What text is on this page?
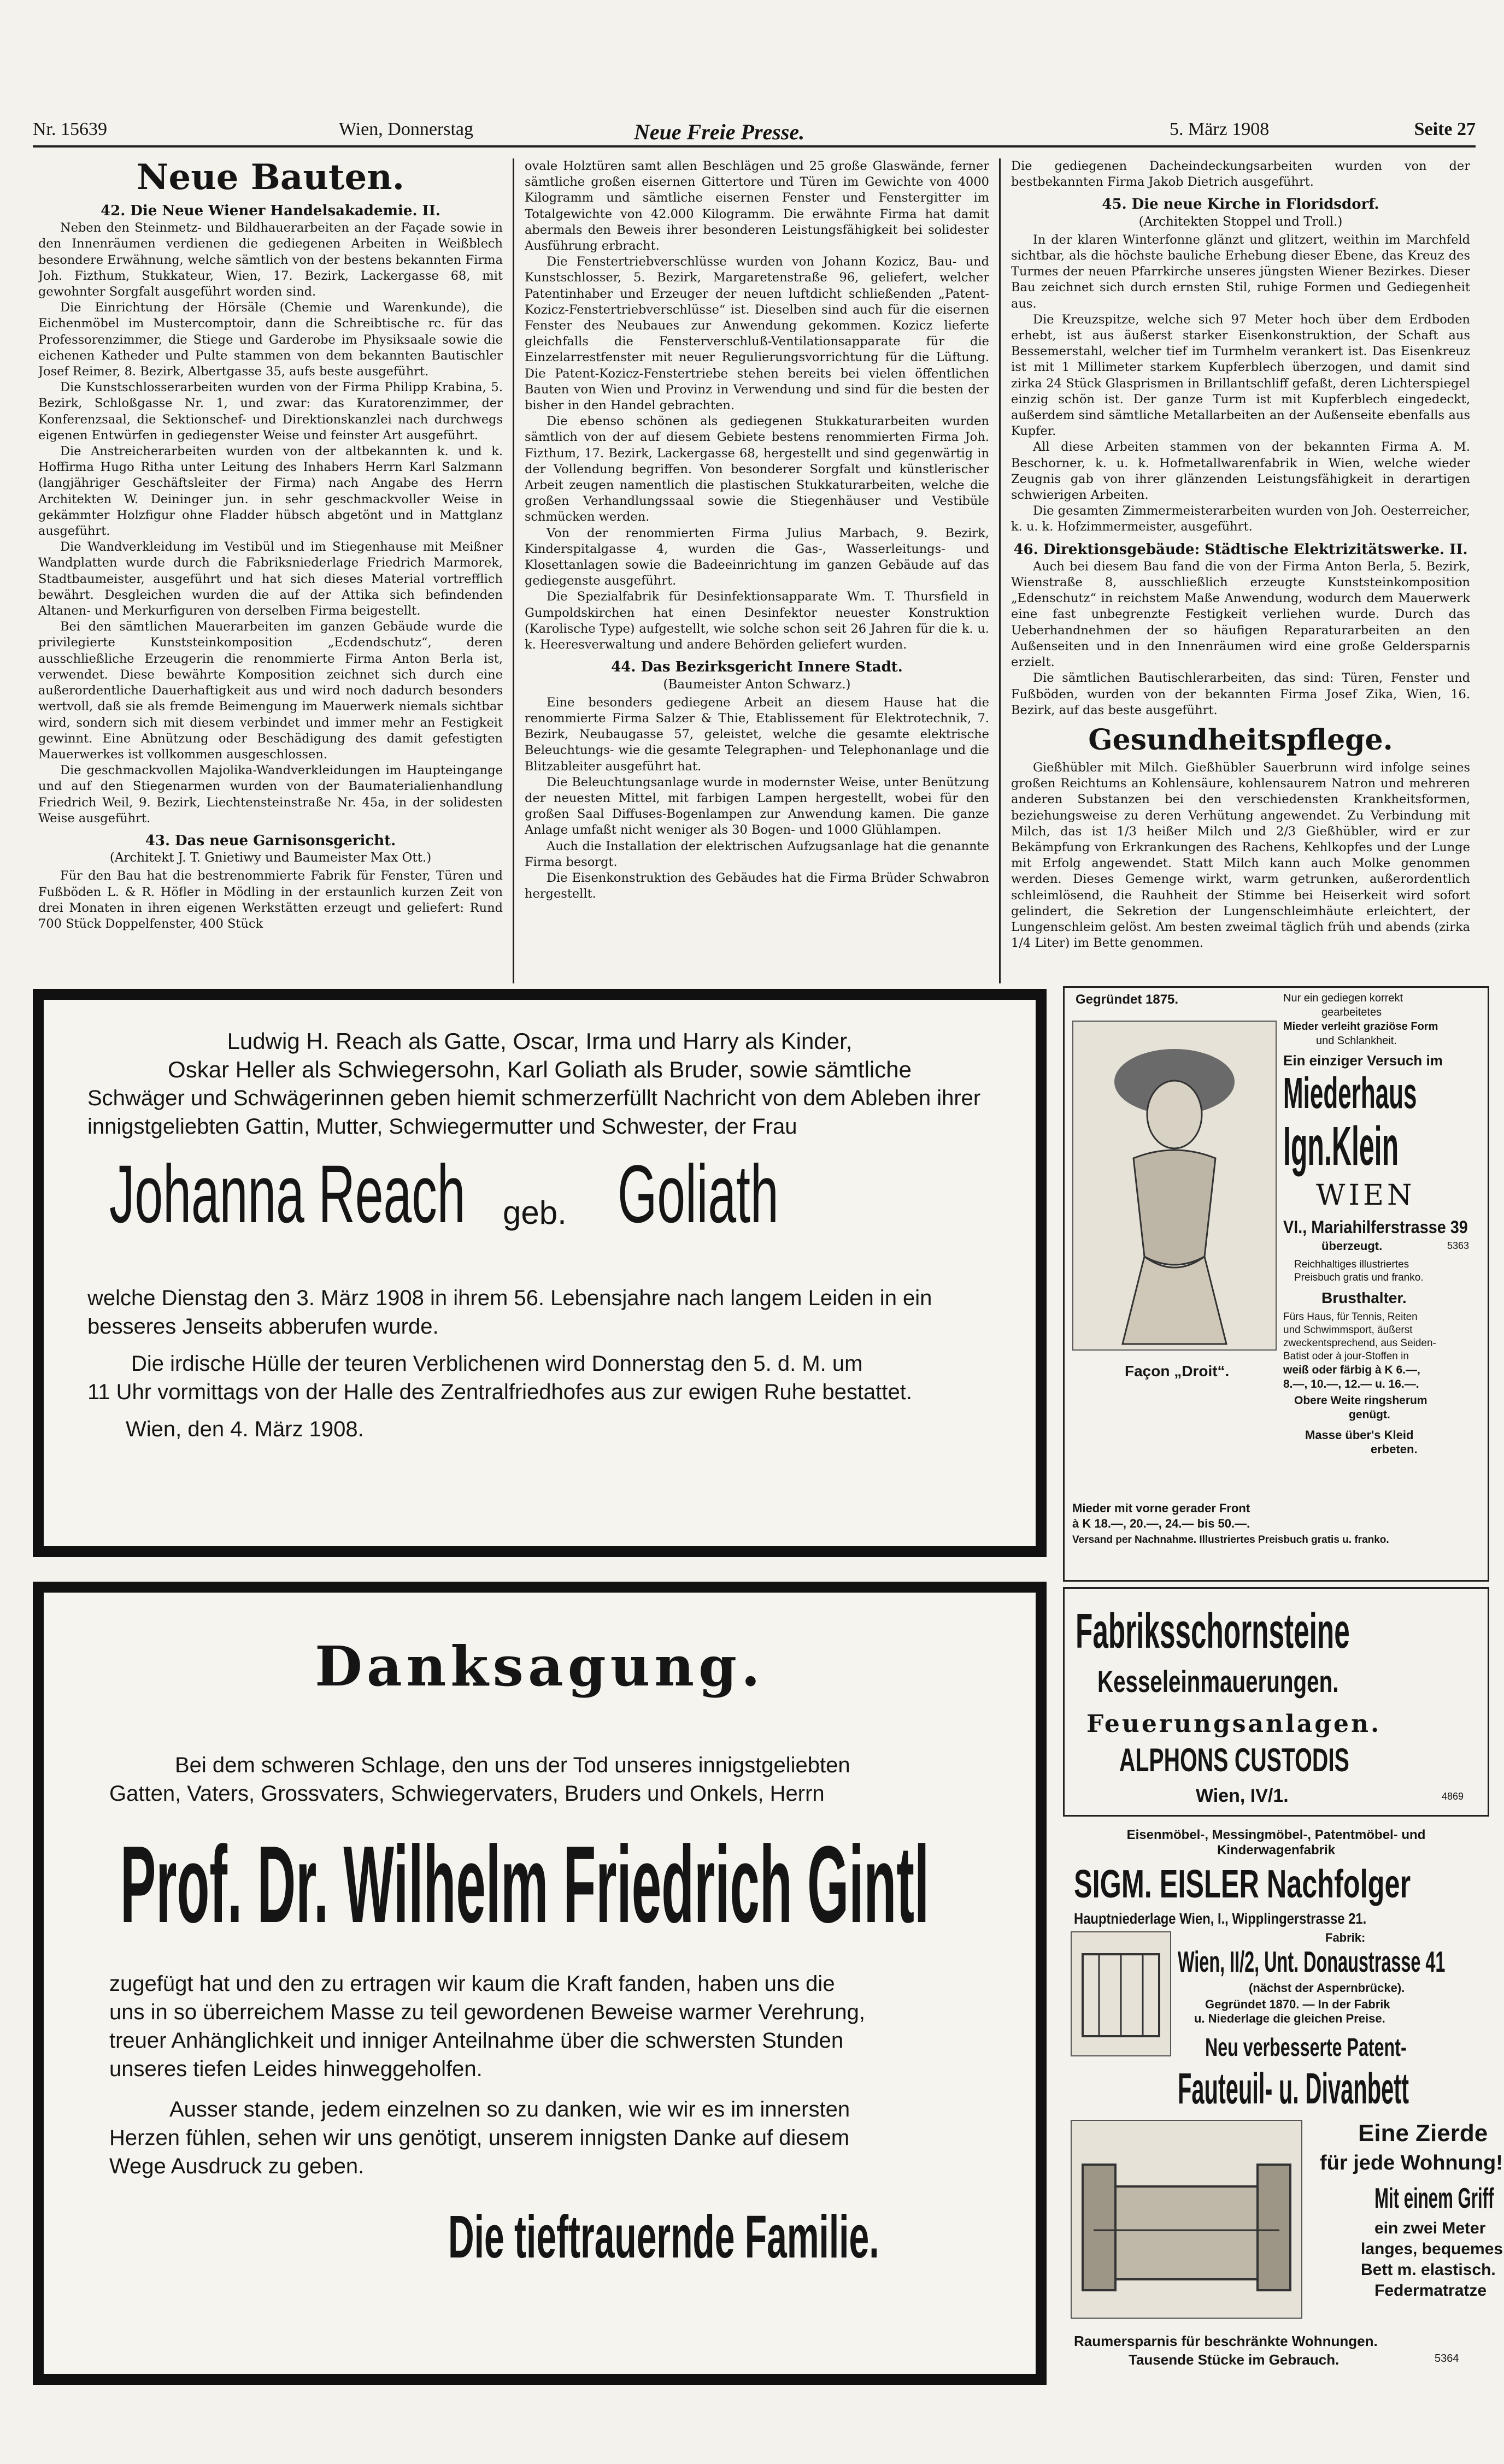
Nr. 15639	Wien, Donnerstag	Neue Freie Presse.	5. März 1908	Seite 27

Neue Bauten.

42. Die Neue Wiener Handelsakademie. II.

Neben den Steinmetz- und Bildhauerarbeiten an der Façade sowie in den Innenräumen verdienen die gediegenen Arbeiten in Weißblech besondere Erwähnung, welche sämtlich von der bestens bekannten Firma Joh. Fizthum, Stukkateur, Wien, 17. Bezirk, Lackergasse 68, mit gewohnter Sorgfalt ausgeführt worden sind.

Die Einrichtung der Hörsäle (Chemie und Warenkunde), die Eichenmöbel im Mustercomptoir, dann die Schreibtische rc. für das Professorenzimmer, die Stiege und Garderobe im Physiksaale sowie die eichenen Katheder und Pulte stammen von dem bekannten Bautischler Josef Reimer, 8. Bezirk, Albertgasse 35, aufs beste ausgeführt.

Die Kunstschlosserarbeiten wurden von der Firma Philipp Krabina, 5. Bezirk, Schloßgasse Nr. 1, und zwar: das Kuratorenzimmer, der Konferenzsaal, die Sektionschef- und Direktionskanzlei nach durchwegs eigenen Entwürfen in gediegenster Weise und feinster Art ausgeführt.

Die Anstreicherarbeiten wurden von der altbekannten k. und k. Hoffirma Hugo Ritha unter Leitung des Inhabers Herrn Karl Salzmann (langjähriger Geschäftsleiter der Firma) nach Angabe des Herrn Architekten W. Deininger jun. in sehr geschmackvoller Weise in gekämmter Holzfigur ohne Fladder hübsch abgetönt und in Mattglanz ausgeführt.

Die Wandverkleidung im Vestibül und im Stiegenhause mit Meißner Wandplatten wurde durch die Fabriksniederlage Friedrich Marmorek, Stadtbaumeister, ausgeführt und hat sich dieses Material vortrefflich bewährt. Desgleichen wurden die auf der Attika sich befindenden Altanen- und Merkurfiguren von derselben Firma beigestellt.

Bei den sämtlichen Mauerarbeiten im ganzen Gebäude wurde die privilegierte Kunststeinkomposition „Ecdendschutz“, deren ausschließliche Erzeugerin die renommierte Firma Anton Berla ist, verwendet. Diese bewährte Komposition zeichnet sich durch eine außerordentliche Dauerhaftigkeit aus und wird noch dadurch besonders wertvoll, daß sie als fremde Beimengung im Mauerwerk niemals sichtbar wird, sondern sich mit diesem verbindet und immer mehr an Festigkeit gewinnt. Eine Abnützung oder Beschädigung des damit gefestigten Mauerwerkes ist vollkommen ausgeschlossen.

Die geschmackvollen Majolika-Wandverkleidungen im Haupteingange und auf den Stiegenarmen wurden von der Baumaterialienhandlung Friedrich Weil, 9. Bezirk, Liechtensteinstraße Nr. 45a, in der solidesten Weise ausgeführt.

43. Das neue Garnisonsgericht.

(Architekt J. T. Gnietiwy und Baumeister Max Ott.)

Für den Bau hat die bestrenommierte Fabrik für Fenster, Türen und Fußböden L. & R. Höfler in Mödling in der erstaunlich kurzen Zeit von drei Monaten in ihren eigenen Werkstätten erzeugt und geliefert: Rund 700 Stück Doppelfenster, 400 Stück

ovale Holztüren samt allen Beschlägen und 25 große Glaswände, ferner sämtliche großen eisernen Gittertore und Türen im Gewichte von 4000 Kilogramm und sämtliche eisernen Fenster und Fenstergitter im Totalgewichte von 42.000 Kilogramm. Die erwähnte Firma hat damit abermals den Beweis ihrer besonderen Leistungsfähigkeit bei solidester Ausführung erbracht.

Die Fenstertriebverschlüsse wurden von Johann Kozicz, Bau- und Kunstschlosser, 5. Bezirk, Margaretenstraße 96, geliefert, welcher Patentinhaber und Erzeuger der neuen luftdicht schließenden „Patent-Kozicz-Fenstertriebverschlüsse“ ist. Dieselben sind auch für die eisernen Fenster des Neubaues zur Anwendung gekommen. Kozicz lieferte gleichfalls die Fensterverschluß-Ventilationsapparate für die Einzelarrestfenster mit neuer Regulierungsvorrichtung für die Lüftung. Die Patent-Kozicz-Fenstertriebe stehen bereits bei vielen öffentlichen Bauten von Wien und Provinz in Verwendung und sind für die besten der bisher in den Handel gebrachten.

Die ebenso schönen als gediegenen Stukkaturarbeiten wurden sämtlich von der auf diesem Gebiete bestens renommierten Firma Joh. Fizthum, 17. Bezirk, Lackergasse 68, hergestellt und sind gegenwärtig in der Vollendung begriffen. Von besonderer Sorgfalt und künstlerischer Arbeit zeugen namentlich die plastischen Stukkaturarbeiten, welche die großen Verhandlungssaal sowie die Stiegenhäuser und Vestibüle schmücken werden.

Von der renommierten Firma Julius Marbach, 9. Bezirk, Kinderspitalgasse 4, wurden die Gas-, Wasserleitungs- und Klosettanlagen sowie die Badeeinrichtung im ganzen Gebäude auf das gediegenste ausgeführt.

Die Spezialfabrik für Desinfektionsapparate Wm. T. Thursfield in Gumpoldskirchen hat einen Desinfektor neuester Konstruktion (Karolische Type) aufgestellt, wie solche schon seit 26 Jahren für die k. u. k. Heeresverwaltung und andere Behörden geliefert wurden.

44. Das Bezirksgericht Innere Stadt.

(Baumeister Anton Schwarz.)

Eine besonders gediegene Arbeit an diesem Hause hat die renommierte Firma Salzer & Thie, Etablissement für Elektrotechnik, 7. Bezirk, Neubaugasse 57, geleistet, welche die gesamte elektrische Beleuchtungs- wie die gesamte Telegraphen- und Telephonanlage und die Blitzableiter ausgeführt hat.

Die Beleuchtungsanlage wurde in modernster Weise, unter Benützung der neuesten Mittel, mit farbigen Lampen hergestellt, wobei für den großen Saal Diffuses-Bogenlampen zur Anwendung kamen. Die ganze Anlage umfaßt nicht weniger als 30 Bogen- und 1000 Glühlampen.

Auch die Installation der elektrischen Aufzugsanlage hat die genannte Firma besorgt.

Die Eisenkonstruktion des Gebäudes hat die Firma Brüder Schwabron hergestellt.

Die gediegenen Dacheindeckungsarbeiten wurden von der bestbekannten Firma Jakob Dietrich ausgeführt.

45. Die neue Kirche in Floridsdorf.

(Architekten Stoppel und Troll.)

In der klaren Winterfonne glänzt und glitzert, weithin im Marchfeld sichtbar, als die höchste bauliche Erhebung dieser Ebene, das Kreuz des Turmes der neuen Pfarrkirche unseres jüngsten Wiener Bezirkes. Dieser Bau zeichnet sich durch ernsten Stil, ruhige Formen und Gediegenheit aus.

Die Kreuzspitze, welche sich 97 Meter hoch über dem Erdboden erhebt, ist aus äußerst starker Eisenkonstruktion, der Schaft aus Bessemerstahl, welcher tief im Turmhelm verankert ist. Das Eisenkreuz ist mit 1 Millimeter starkem Kupferblech überzogen, und damit sind zirka 24 Stück Glasprismen in Brillantschliff gefaßt, deren Lichterspiegel einzig schön ist. Der ganze Turm ist mit Kupferblech eingedeckt, außerdem sind sämtliche Metallarbeiten an der Außenseite ebenfalls aus Kupfer.

All diese Arbeiten stammen von der bekannten Firma A. M. Beschorner, k. u. k. Hofmetallwarenfabrik in Wien, welche wieder Zeugnis gab von ihrer glänzenden Leistungsfähigkeit in derartigen schwierigen Arbeiten.

Die gesamten Zimmermeisterarbeiten wurden von Joh. Oesterreicher, k. u. k. Hofzimmermeister, ausgeführt.

46. Direktionsgebäude: Städtische Elektrizitätswerke. II.

Auch bei diesem Bau fand die von der Firma Anton Berla, 5. Bezirk, Wienstraße 8, ausschließlich erzeugte Kunststeinkomposition „Edenschutz“ in reichstem Maße Anwendung, wodurch dem Mauerwerk eine fast unbegrenzte Festigkeit verliehen wurde. Durch das Ueberhandnehmen der so häufigen Reparaturarbeiten an den Außenseiten und in den Innenräumen wird eine große Geldersparnis erzielt.

Die sämtlichen Bautischlerarbeiten, das sind: Türen, Fenster und Fußböden, wurden von der bekannten Firma Josef Zika, Wien, 16. Bezirk, auf das beste ausgeführt.

Gesundheitspflege.

Gießhübler mit Milch. Gießhübler Sauerbrunn wird infolge seines großen Reichtums an Kohlensäure, kohlensaurem Natron und mehreren anderen Substanzen bei den verschiedensten Krankheitsformen, beziehungsweise zu deren Verhütung angewendet. Zu Verbindung mit Milch, das ist 1/3 heißer Milch und 2/3 Gießhübler, wird er zur Bekämpfung von Erkrankungen des Rachens, Kehlkopfes und der Lunge mit Erfolg angewendet. Statt Milch kann auch Molke genommen werden. Dieses Gemenge wirkt, warm getrunken, außerordentlich schleimlösend, die Rauhheit der Stimme bei Heiserkeit wird sofort gelindert, die Sekretion der Lungenschleimhäute erleichtert, der Lungenschleim gelöst. Am besten zweimal täglich früh und abends (zirka 1/4 Liter) im Bette genommen.

Ludwig H. Reach als Gatte, Oscar, Irma und Harry als Kinder,
Oskar Heller als Schwiegersohn, Karl Goliath als Bruder, sowie sämtliche
Schwäger und Schwägerinnen geben hiemit schmerzerfüllt Nachricht von dem Ableben ihrer
innigstgeliebten Gattin, Mutter, Schwiegermutter und Schwester, der Frau
Johanna Reach geb. Goliath
welche Dienstag den 3. März 1908 in ihrem 56. Lebensjahre nach langem Leiden in ein
besseres Jenseits abberufen wurde.
Die irdische Hülle der teuren Verblichenen wird Donnerstag den 5. d. M. um
11 Uhr vormittags von der Halle des Zentralfriedhofes aus zur ewigen Ruhe bestattet.
Wien, den 4. März 1908.
Danksagung.
Bei dem schweren Schlage, den uns der Tod unseres innigstgeliebten
Gatten, Vaters, Grossvaters, Schwiegervaters, Bruders und Onkels, Herrn
Prof. Dr. Wilhelm Friedrich Gintl
zugefügt hat und den zu ertragen wir kaum die Kraft fanden, haben uns die
uns in so überreichem Masse zu teil gewordenen Beweise warmer Verehrung,
treuer Anhänglichkeit und inniger Anteilnahme über die schwersten Stunden
unseres tiefen Leides hinweggeholfen.
Ausser stande, jedem einzelnen so zu danken, wie wir es im innersten
Herzen fühlen, sehen wir uns genötigt, unserem innigsten Danke auf diesem
Wege Ausdruck zu geben.
Die tieftrauernde Familie.
Gegründet 1875.	Nur ein gediegen korrekt
gearbeitetes
Mieder verleiht graziöse Form
und Schlankheit.
Ein einziger Versuch im
Miederhaus
Ign.Klein
WIEN
VI., Mariahilferstrasse 39
überzeugt.	5363
Reichhaltiges illustriertes
Preisbuch gratis und franko.
Brusthalter.
Fürs Haus, für Tennis, Reiten
und Schwimmsport, äußerst
zweckentsprechend, aus Seiden-
Batist oder à jour-Stoffen in
weiß oder färbig à K 6.—,
8.—, 10.—, 12.— u. 16.—.
Obere Weite ringsherum
genügt.
Masse über's Kleid
erbeten.
Façon „Droit“.
Mieder mit vorne gerader Front
à K 18.—, 20.—, 24.— bis 50.—.
Versand per Nachnahme. Illustriertes Preisbuch gratis u. franko.
Fabriksschornsteine
Kesseleinmauerungen.
Feuerungsanlagen.
ALPHONS CUSTODIS
Wien, IV/1.	4869
Eisenmöbel-, Messingmöbel-, Patentmöbel- und Kinderwagenfabrik
SIGM. EISLER Nachfolger
Hauptniederlage Wien, I., Wipplingerstrasse 21.
Fabrik:
Wien, II/2, Unt. Donaustrasse 41
(nächst der Aspernbrücke).
Gegründet 1870. — In der Fabrik
u. Niederlage die gleichen Preise.
Neu verbesserte Patent-
Fauteuil- u. Divanbett
Eine Zierde
für jede Wohnung!
Mit einem Griff
ein zwei Meter
langes, bequemes
Bett m. elastisch.
Federmatratze
Raumersparnis für beschränkte Wohnungen.
Tausende Stücke im Gebrauch.	5364
